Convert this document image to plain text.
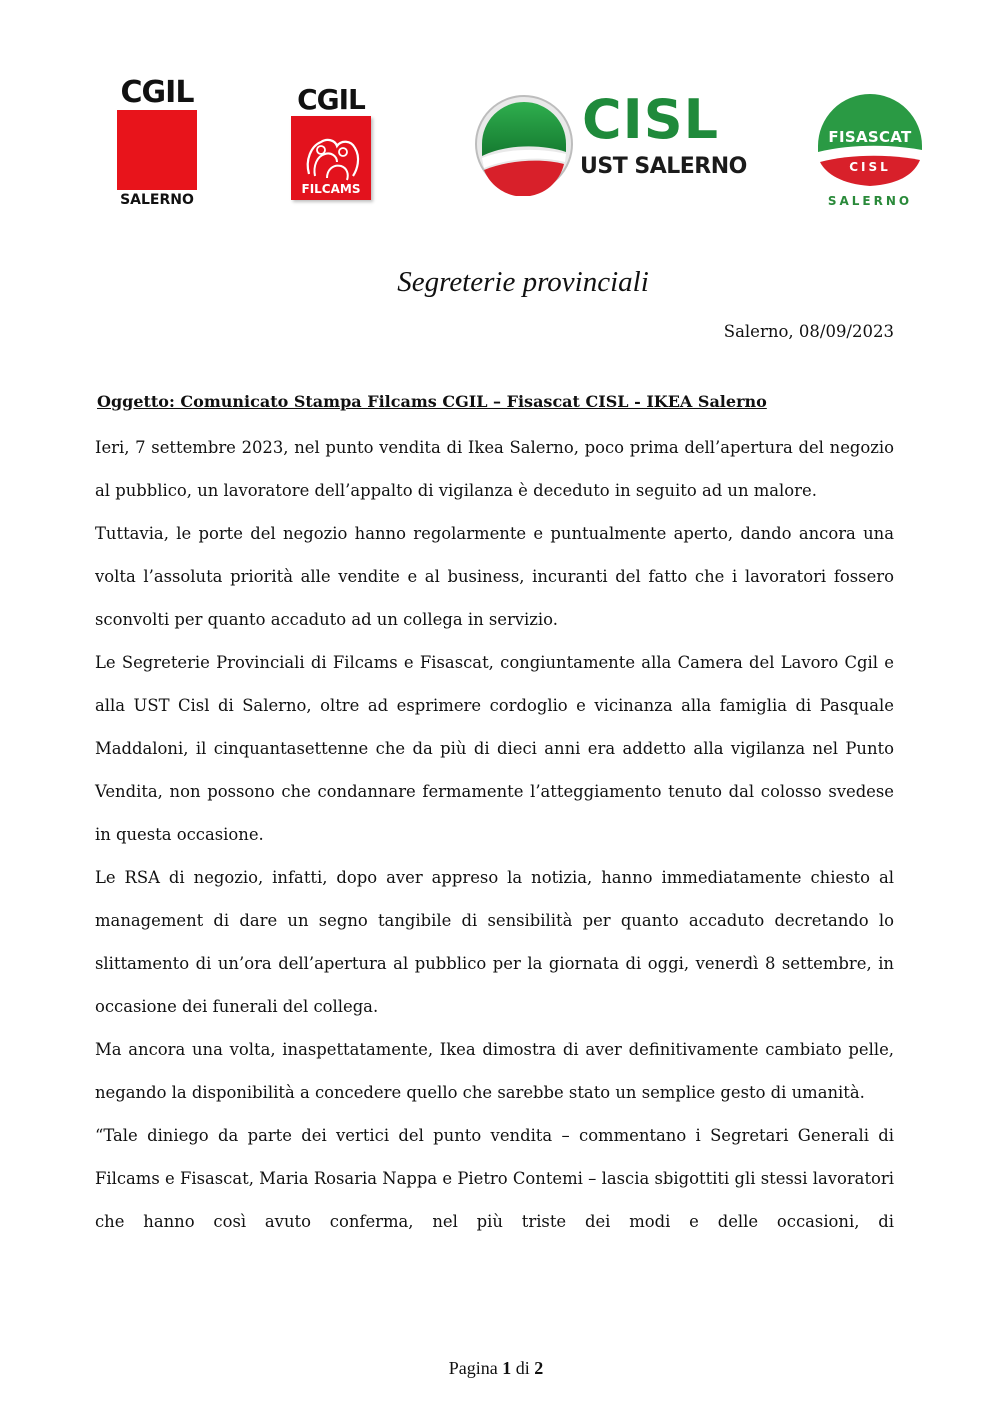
CGIL
SALERNO
CGIL
FILCAMS
CISL
UST SALERNO
FISASCAT
CISL
SALERNO
Segreterie provinciali
Salerno, 08/09/2023
Oggetto: Comunicato Stampa Filcams CGIL – Fisascat CISL - IKEA Salerno

Ieri, 7 settembre 2023, nel punto vendita di Ikea Salerno, poco prima dell’apertura del negozio al pubblico, un lavoratore dell’appalto di vigilanza è deceduto in seguito ad un malore.

Tuttavia, le porte del negozio hanno regolarmente e puntualmente aperto, dando ancora una volta l’assoluta priorità alle vendite e al business, incuranti del fatto che i lavoratori fossero sconvolti per quanto accaduto ad un collega in servizio.

Le Segreterie Provinciali di Filcams e Fisascat, congiuntamente alla Camera del Lavoro Cgil e alla UST Cisl di Salerno, oltre ad esprimere cordoglio e vicinanza alla famiglia di Pasquale Maddaloni, il cinquantasettenne che da più di dieci anni era addetto alla vigilanza nel Punto Vendita, non possono che condannare fermamente l’atteggiamento tenuto dal colosso svedese in questa occasione.

Le RSA di negozio, infatti, dopo aver appreso la notizia, hanno immediatamente chiesto al management di dare un segno tangibile di sensibilità per quanto accaduto decretando lo slittamento di un’ora dell’apertura al pubblico per la giornata di oggi, venerdì 8 settembre, in occasione dei funerali del collega.

Ma ancora una volta, inaspettatamente, Ikea dimostra di aver definitivamente cambiato pelle, negando la disponibilità a concedere quello che sarebbe stato un semplice gesto di umanità.

“Tale diniego da parte dei vertici del punto vendita – commentano i Segretari Generali di Filcams e Fisascat, Maria Rosaria Nappa e Pietro Contemi – lascia sbigottiti gli stessi lavoratori che hanno così avuto conferma, nel più triste dei modi e delle occasioni, di

Pagina 1 di 2
